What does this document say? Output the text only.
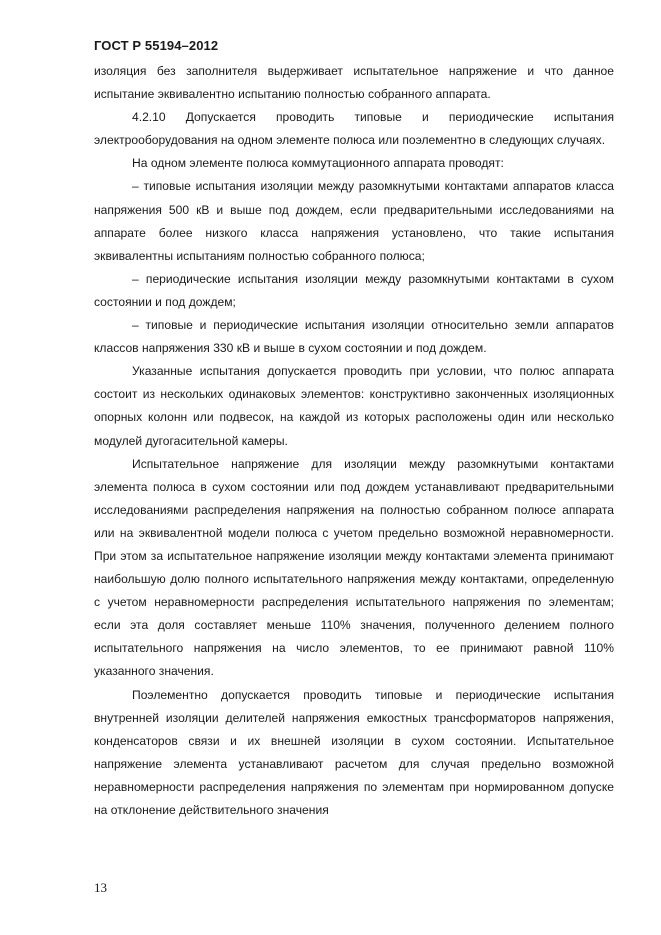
ГОСТ Р 55194–2012

изоляция без заполнителя выдерживает испытательное напряжение и что данное испытание эквивалентно испытанию полностью собранного аппарата.

4.2.10 Допускается проводить типовые и периодические испытания электрооборудования на одном элементе полюса или поэлементно в следующих случаях.

На одном элементе полюса коммутационного аппарата проводят:

– типовые испытания изоляции между разомкнутыми контактами аппаратов класса напряжения 500 кВ и выше под дождем, если предварительными исследованиями на аппарате более низкого класса напряжения установлено, что такие испытания эквивалентны испытаниям полностью собранного полюса;

– периодические испытания изоляции между разомкнутыми контактами в сухом состоянии и под дождем;

– типовые и периодические испытания изоляции относительно земли аппаратов классов напряжения 330 кВ и выше в сухом состоянии и под дождем.

Указанные испытания допускается проводить при условии, что полюс аппарата состоит из нескольких одинаковых элементов: конструктивно законченных изоляционных опорных колонн или подвесок, на каждой из которых расположены один или несколько модулей дугогасительной камеры.

Испытательное напряжение для изоляции между разомкнутыми контактами элемента полюса в сухом состоянии или под дождем устанавливают предварительными исследованиями распределения напряжения на полностью собранном полюсе аппарата или на эквивалентной модели полюса с учетом предельно возможной неравномерности. При этом за испытательное напряжение изоляции между контактами элемента принимают наибольшую долю полного испытательного напряжения между контактами, определенную с учетом неравномерности распределения испытательного напряжения по элементам; если эта доля составляет меньше 110% значения, полученного делением полного испытательного напряжения на число элементов, то ее принимают равной 110% указанного значения.

Поэлементно допускается проводить типовые и периодические испытания внутренней изоляции делителей напряжения емкостных трансформаторов напряжения, конденсаторов связи и их внешней изоляции в сухом состоянии. Испытательное напряжение элемента устанавливают расчетом для случая предельно возможной неравномерности распределения напряжения по элементам при нормированном допуске на отклонение действительного значения

13
